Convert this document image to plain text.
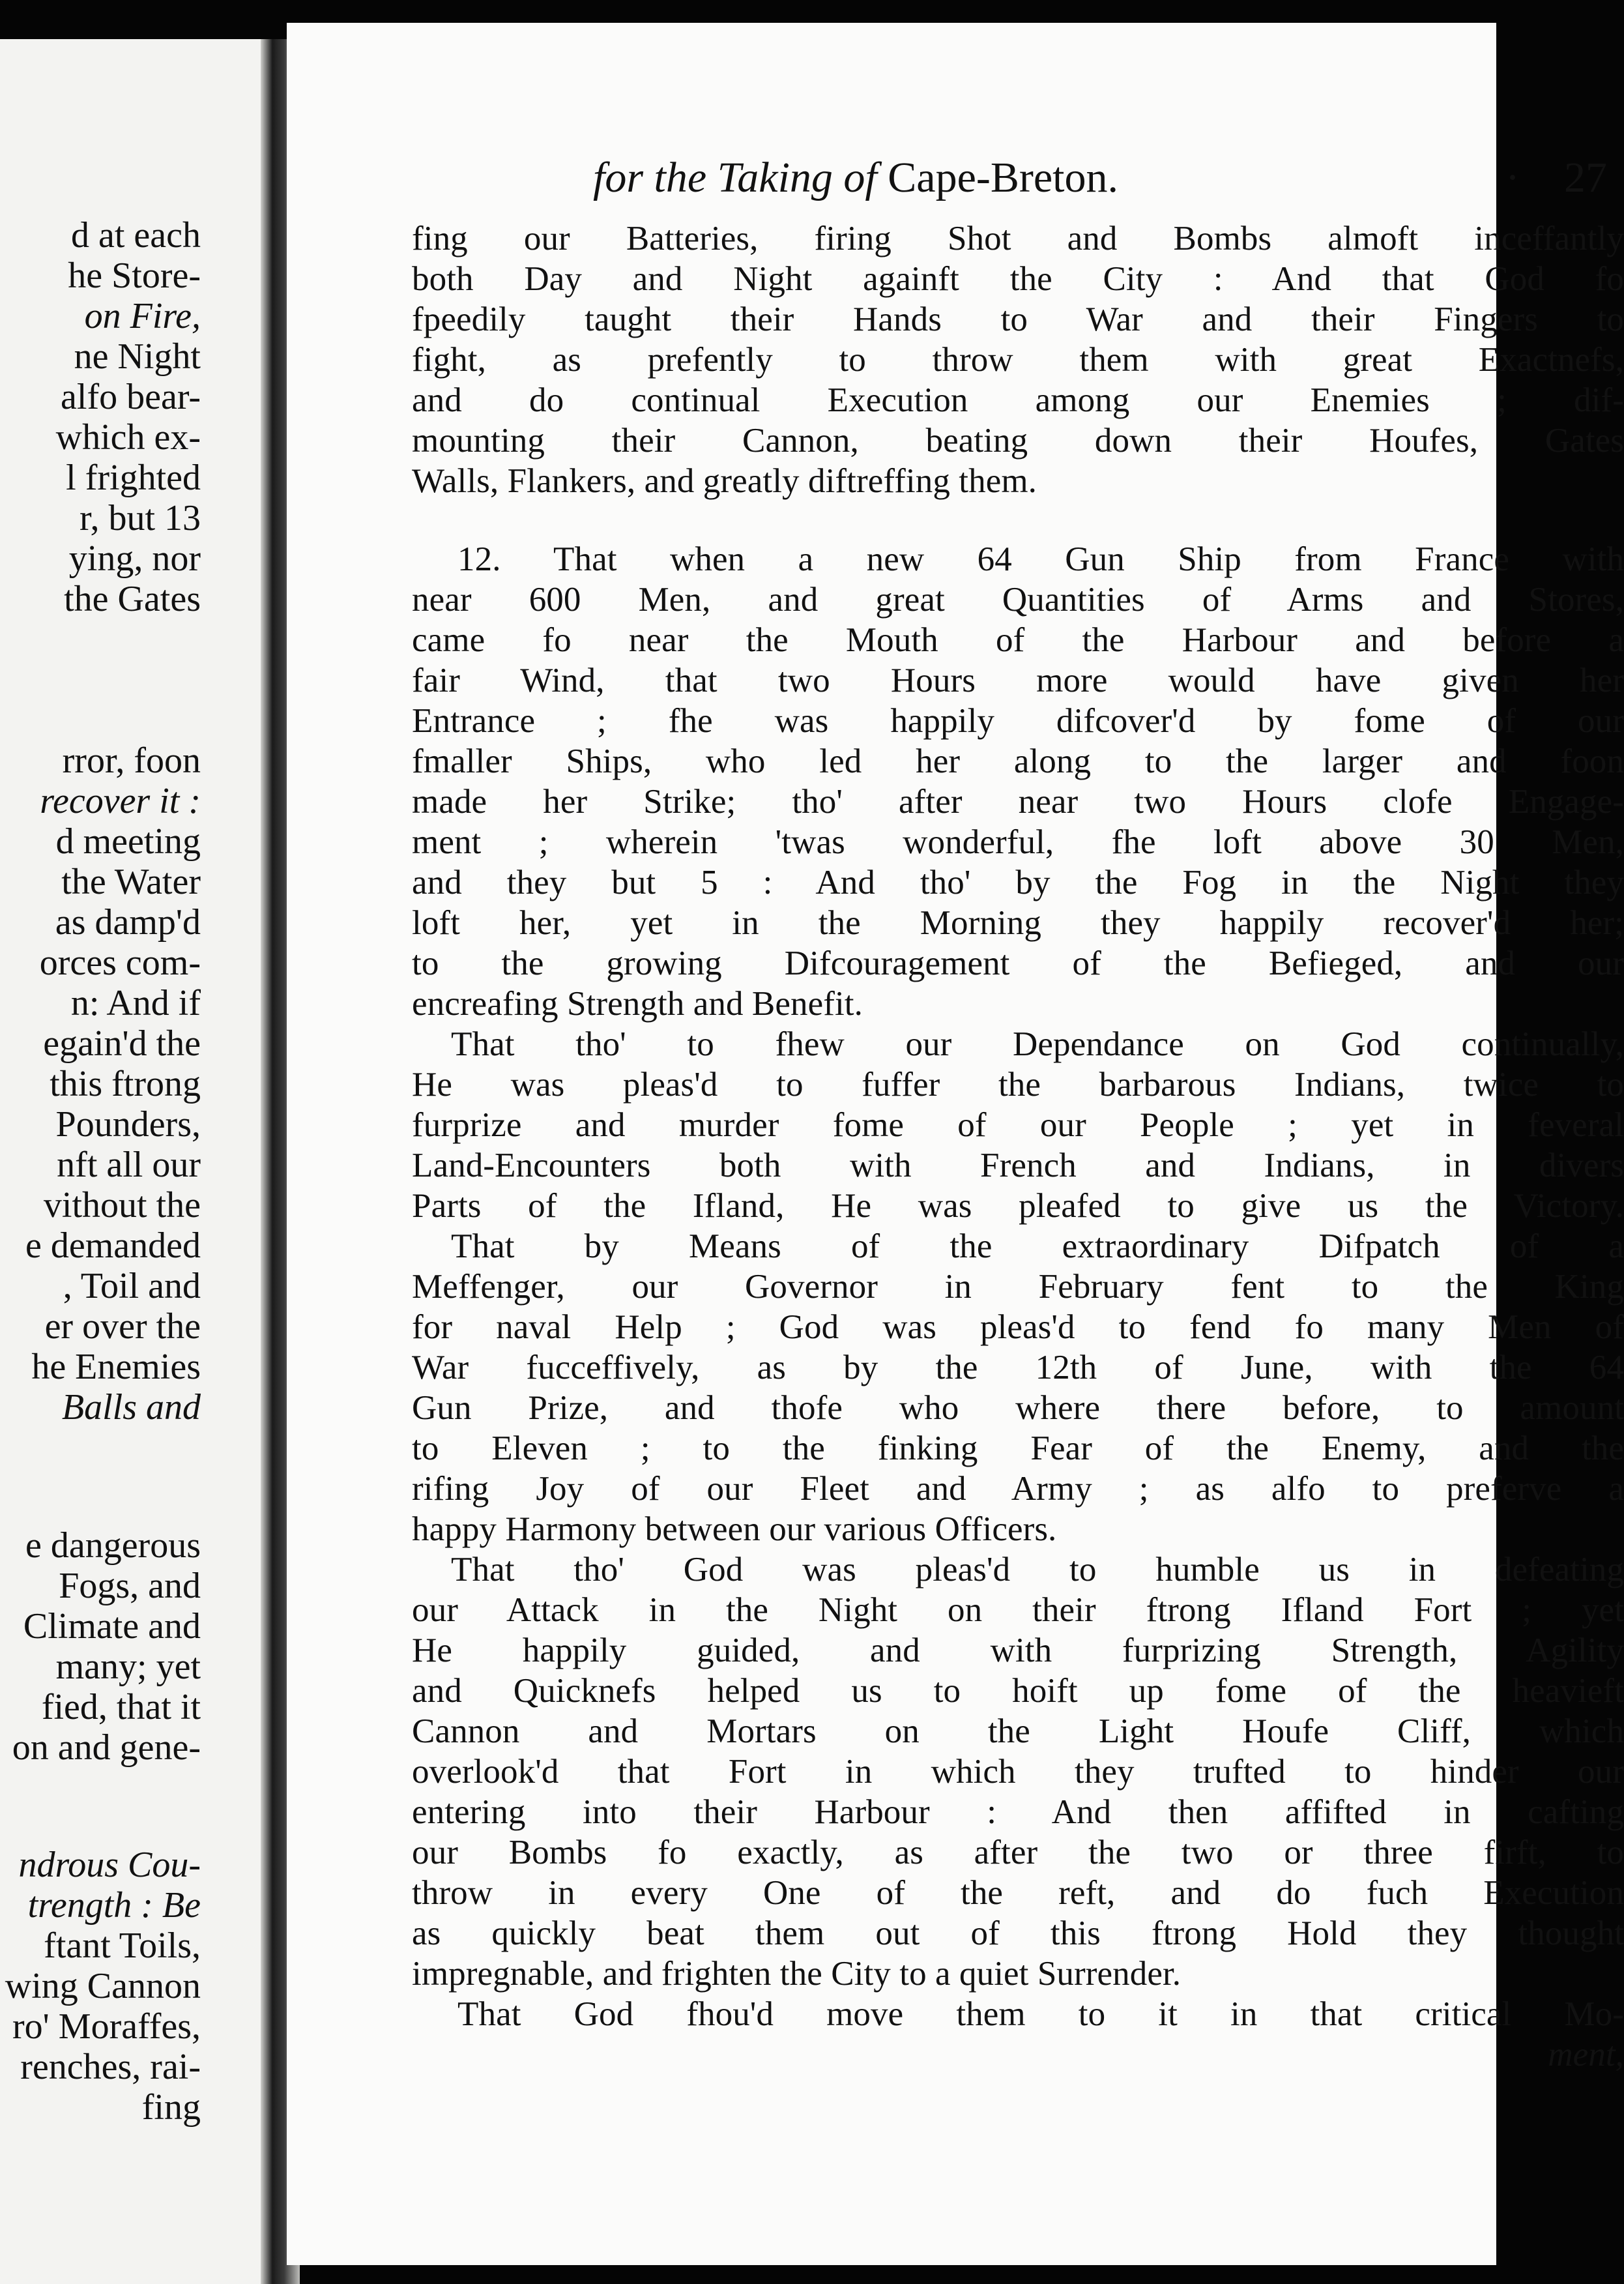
d at each
he Store-
on Fire,
ne Night
alfo bear-
which ex-
l frighted
r, but 13
ying, nor
the Gates
rror, foon
recover it :
d meeting
the Water
as damp'd
orces com-
n: And if
egain'd the
this ftrong
Pounders,
nft all our
vithout the
e demanded
, Toil and
er over the
he Enemies
Balls and
e dangerous
Fogs, and
Climate and
many; yet
fied, that it
on and gene-
ndrous Cou-
trength : Be
ftant Toils,
wing Cannon
ro' Moraffes,
renches, rai-
fing
for the Taking of Cape-Breton.	· 27
fing our Batteries, firing Shot and Bombs almoft inceffantly
both Day and Night againft the City : And that God fo
fpeedily taught their Hands to War and their Fingers to
fight, as prefently to throw them with great Exactnefs,
and do continual Execution among our Enemies ; dif-
mounting their Cannon, beating down their Houfes, Gates
Walls, Flankers, and greatly diftreffing them.
12. That when a new 64 Gun Ship from France with
near 600 Men, and great Quantities of Arms and Stores,
came fo near the Mouth of the Harbour and before a
fair Wind, that two Hours more would have given her
Entrance ; fhe was happily difcover'd by fome of our
fmaller Ships, who led her along to the larger and foon
made her Strike; tho' after near two Hours clofe Engage-
ment ; wherein 'twas wonderful, fhe loft above 30 Men,
and they but 5 : And tho' by the Fog in the Night they
loft her, yet in the Morning they happily recover'd her;
to the growing Difcouragement of the Befieged, and our
encreafing Strength and Benefit.
That tho' to fhew our Dependance on God continually,
He was pleas'd to fuffer the barbarous Indians, twice to
furprize and murder fome of our People ; yet in feveral
Land-Encounters both with French and Indians, in divers
Parts of the Ifland, He was pleafed to give us the Victory.
That by Means of the extraordinary Difpatch of a
Meffenger, our Governor in February fent to the King
for naval Help ; God was pleas'd to fend fo many Men of
War fucceffively, as by the 12th of June, with the 64
Gun Prize, and thofe who where there before, to amount
to Eleven ; to the finking Fear of the Enemy, and the
rifing Joy of our Fleet and Army ; as alfo to preferve a
happy Harmony between our various Officers.
That tho' God was pleas'd to humble us in defeating
our Attack in the Night on their ftrong Ifland Fort ; yet
He happily guided, and with furprizing Strength, Agility
and Quicknefs helped us to hoift up fome of the heavieft
Cannon and Mortars on the Light Houfe Cliff, which
overlook'd that Fort in which they trufted to hinder our
entering into their Harbour : And then affifted in cafting
our Bombs fo exactly, as after the two or three firft, to
throw in every One of the reft, and do fuch Execution
as quickly beat them out of this ftrong Hold they thought
impregnable, and frighten the City to a quiet Surrender.
That God fhou'd move them to it in that critical Mo-
ment,
